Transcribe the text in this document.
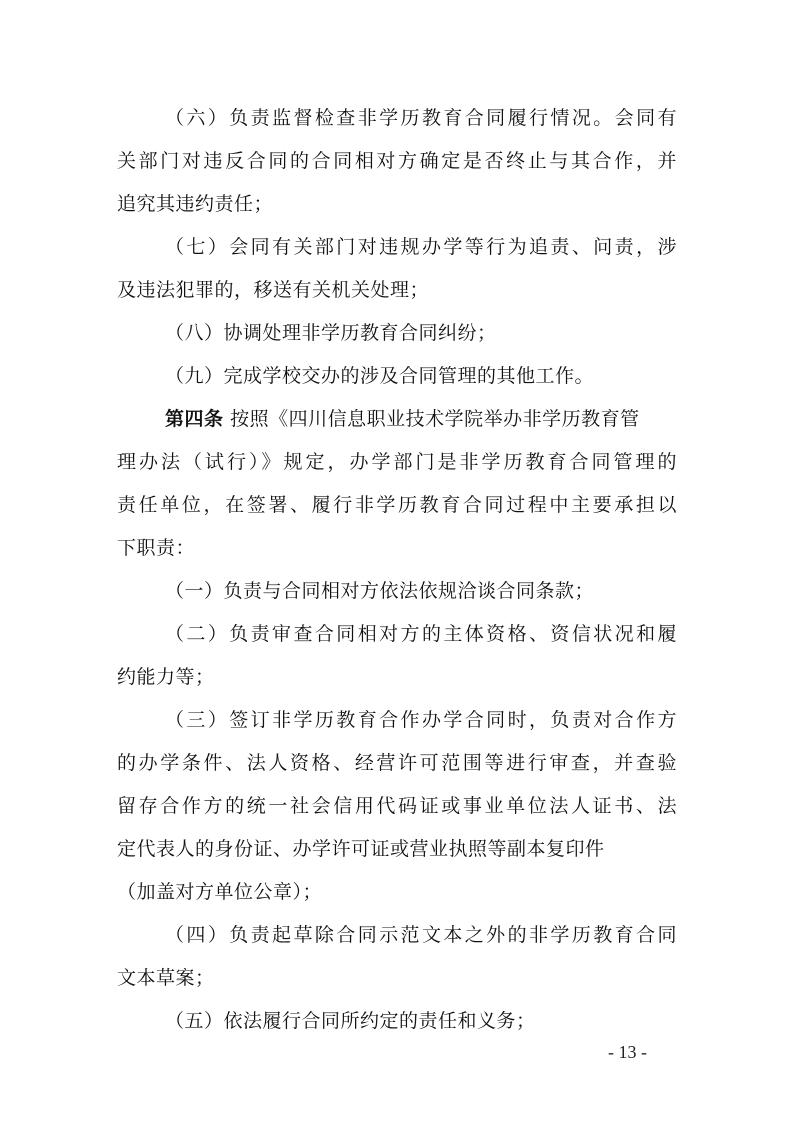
（六）负责监督检查非学历教育合同履行情况。会同有
关部门对违反合同的合同相对方确定是否终止与其合作，并
追究其违约责任；
（七）会同有关部门对违规办学等行为追责、问责，涉
及违法犯罪的，移送有关机关处理；
（八）协调处理非学历教育合同纠纷；
（九）完成学校交办的涉及合同管理的其他工作。
第四条 按照《四川信息职业技术学院举办非学历教育管
理办法（试行）》规定，办学部门是非学历教育合同管理的
责任单位，在签署、履行非学历教育合同过程中主要承担以
下职责：
（一）负责与合同相对方依法依规洽谈合同条款；
（二）负责审查合同相对方的主体资格、资信状况和履
约能力等；
（三）签订非学历教育合作办学合同时，负责对合作方
的办学条件、法人资格、经营许可范围等进行审查，并查验
留存合作方的统一社会信用代码证或事业单位法人证书、法
定代表人的身份证、办学许可证或营业执照等副本复印件
（加盖对方单位公章）；
（四）负责起草除合同示范文本之外的非学历教育合同
文本草案；
（五）依法履行合同所约定的责任和义务；
- 13 -
